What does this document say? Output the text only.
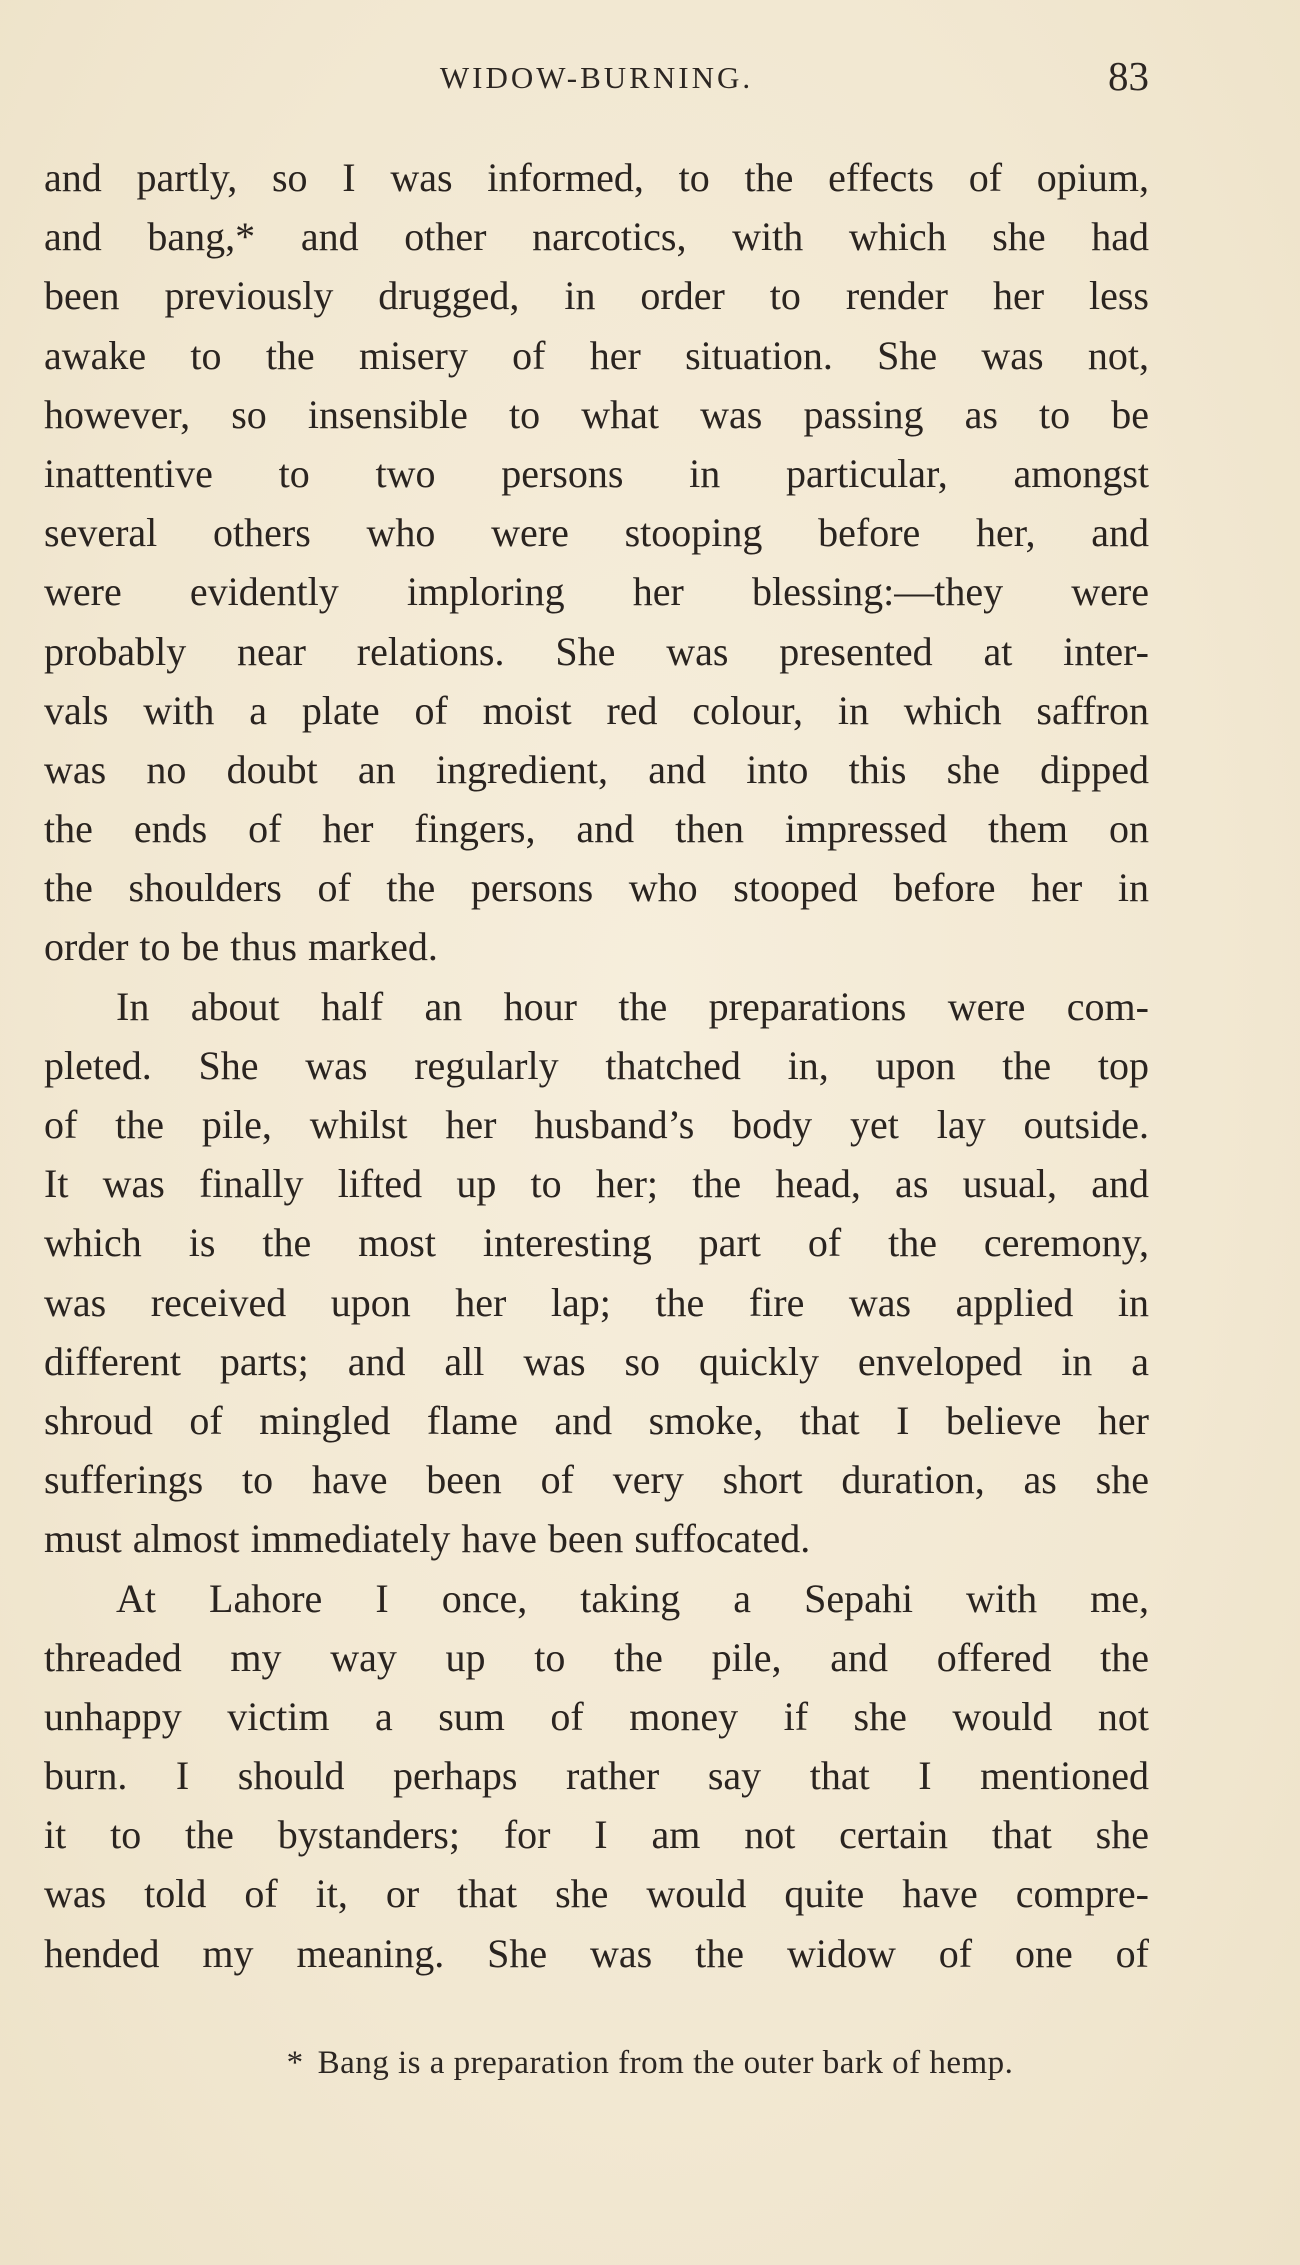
WIDOW-BURNING.	83
and partly, so I was informed, to the effects of opium,
and bang,* and other narcotics, with which she had
been previously drugged, in order to render her less
awake to the misery of her situation. She was not,
however, so insensible to what was passing as to be
inattentive to two persons in particular, amongst
several others who were stooping before her, and
were evidently imploring her blessing:—they were
probably near relations. She was presented at inter-
vals with a plate of moist red colour, in which saffron
was no doubt an ingredient, and into this she dipped
the ends of her fingers, and then impressed them on
the shoulders of the persons who stooped before her in
order to be thus marked.
In about half an hour the preparations were com-
pleted. She was regularly thatched in, upon the top
of the pile, whilst her husband’s body yet lay outside.
It was finally lifted up to her; the head, as usual, and
which is the most interesting part of the ceremony,
was received upon her lap; the fire was applied in
different parts; and all was so quickly enveloped in a
shroud of mingled flame and smoke, that I believe her
sufferings to have been of very short duration, as she
must almost immediately have been suffocated.
At Lahore I once, taking a Sepahi with me,
threaded my way up to the pile, and offered the
unhappy victim a sum of money if she would not
burn. I should perhaps rather say that I mentioned
it to the bystanders; for I am not certain that she
was told of it, or that she would quite have compre-
hended my meaning. She was the widow of one of
* Bang is a preparation from the outer bark of hemp.
